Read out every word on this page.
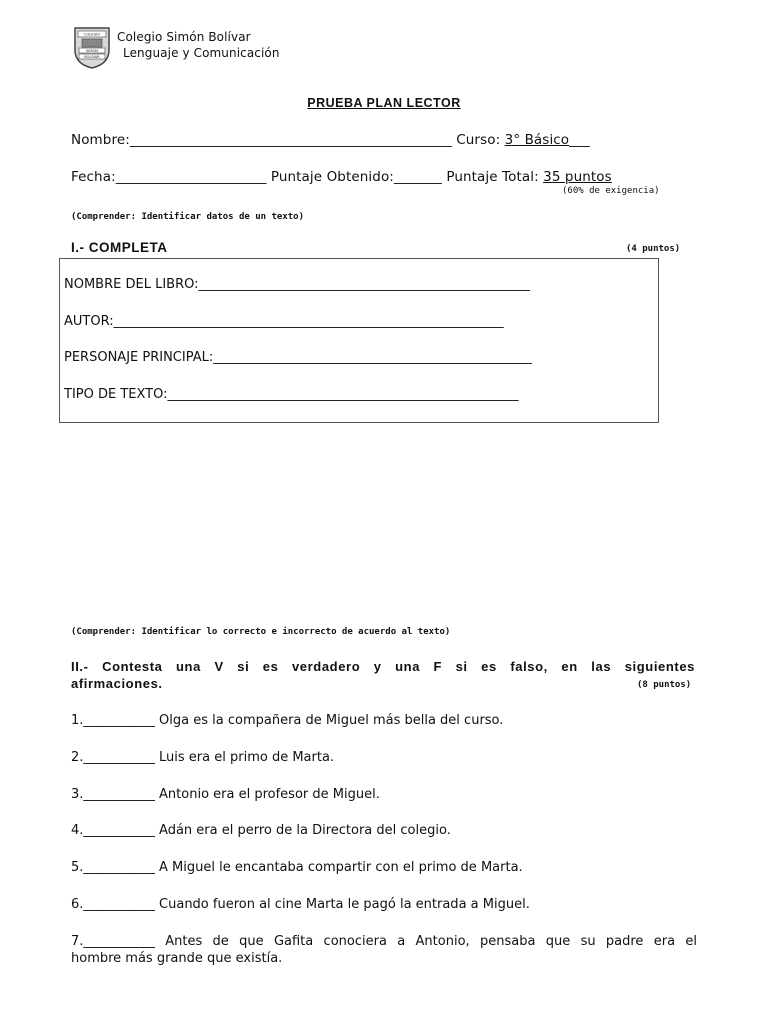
COLEGIO
SIMÓN
BOLÍVAR
Colegio Simón Bolívar
Lenguaje y Comunicación
PRUEBA PLAN LECTOR
Nombre:_______________________________________________ Curso: 3° Básico___
Fecha:______________________ Puntaje Obtenido:_______ Puntaje Total: 35 puntos
(60% de exigencia)
(Comprender: Identificar datos de un texto)
I.- COMPLETA	(4 puntos)
NOMBRE DEL LIBRO:___________________________________________________
AUTOR:____________________________________________________________
PERSONAJE PRINCIPAL:_________________________________________________
TIPO DE TEXTO:______________________________________________________
(Comprender: Identificar lo correcto e incorrecto de acuerdo al texto)
II.- Contesta una V si es verdadero y una F si es falso, en las siguientes
afirmaciones.	(8 puntos)
1.___________ Olga es la compañera de Miguel más bella del curso.
2.___________ Luis era el primo de Marta.
3.___________ Antonio era el profesor de Miguel.
4.___________ Adán era el perro de la Directora del colegio.
5.___________ A Miguel le encantaba compartir con el primo de Marta.
6.___________ Cuando fueron al cine Marta le pagó la entrada a Miguel.
7.___________ Antes de que Gafita conociera a Antonio, pensaba que su padre era el
hombre más grande que existía.
